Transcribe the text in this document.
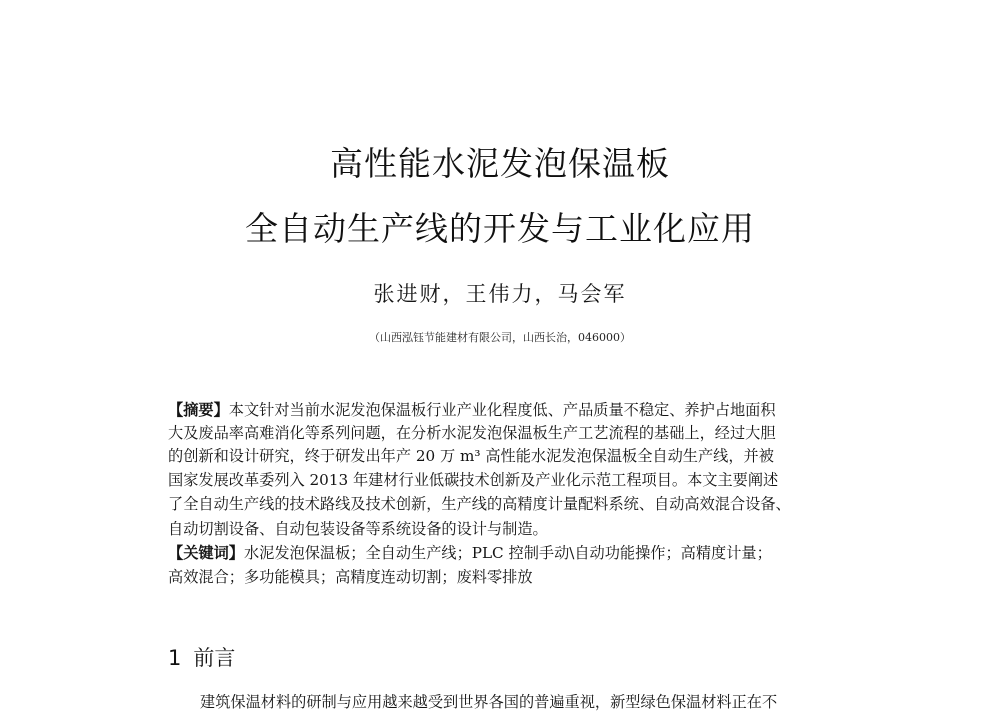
高性能水泥发泡保温板
全自动生产线的开发与工业化应用
张进财，王伟力，马会军
（山西泓钰节能建材有限公司，山西长治，046000）
【摘要】本文针对当前水泥发泡保温板行业产业化程度低、产品质量不稳定、养护占地面积
大及废品率高难消化等系列问题，在分析水泥发泡保温板生产工艺流程的基础上，经过大胆
的创新和设计研究，终于研发出年产 20 万 m³ 高性能水泥发泡保温板全自动生产线，并被
国家发展改革委列入 2013 年建材行业低碳技术创新及产业化示范工程项目。本文主要阐述
了全自动生产线的技术路线及技术创新，生产线的高精度计量配料系统、自动高效混合设备、
自动切割设备、自动包装设备等系统设备的设计与制造。
【关键词】水泥发泡保温板；全自动生产线；PLC 控制手动\自动功能操作；高精度计量；
高效混合；多功能模具；高精度连动切割；废料零排放
1 前言
建筑保温材料的研制与应用越来越受到世界各国的普遍重视，新型绿色保温材料正在不
